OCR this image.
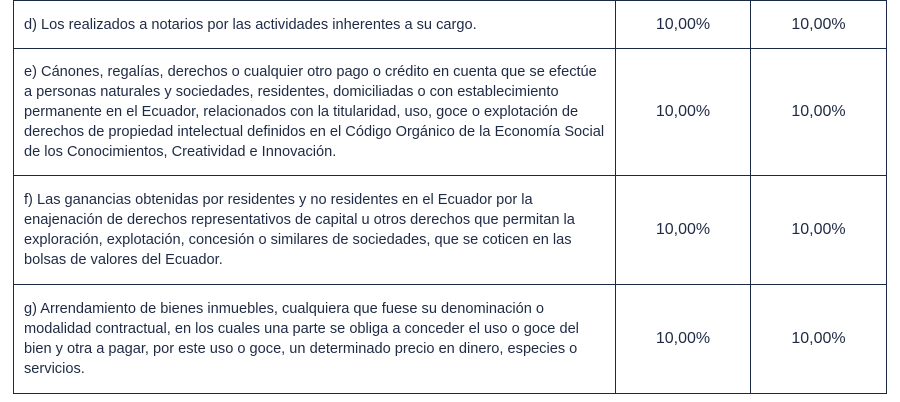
d) Los realizados a notarios por las actividades inherentes a su cargo.	10,00%	10,00%
e) Cánones, regalías, derechos o cualquier otro pago o crédito en cuenta que se efectúe a personas naturales y sociedades, residentes, domiciliadas o con establecimiento permanente en el Ecuador, relacionados con la titularidad, uso, goce o explotación de derechos de propiedad intelectual definidos en el Código Orgánico de la Economía Social de los Conocimientos, Creatividad e Innovación.	10,00%	10,00%
f) Las ganancias obtenidas por residentes y no residentes en el Ecuador por la enajenación de derechos representativos de capital u otros derechos que permitan la exploración, explotación, concesión o similares de sociedades, que se coticen en las bolsas de valores del Ecuador.	10,00%	10,00%
g) Arrendamiento de bienes inmuebles, cualquiera que fuese su denominación o modalidad contractual, en los cuales una parte se obliga a conceder el uso o goce del bien y otra a pagar, por este uso o goce, un determinado precio en dinero, especies o servicios.	10,00%	10,00%
